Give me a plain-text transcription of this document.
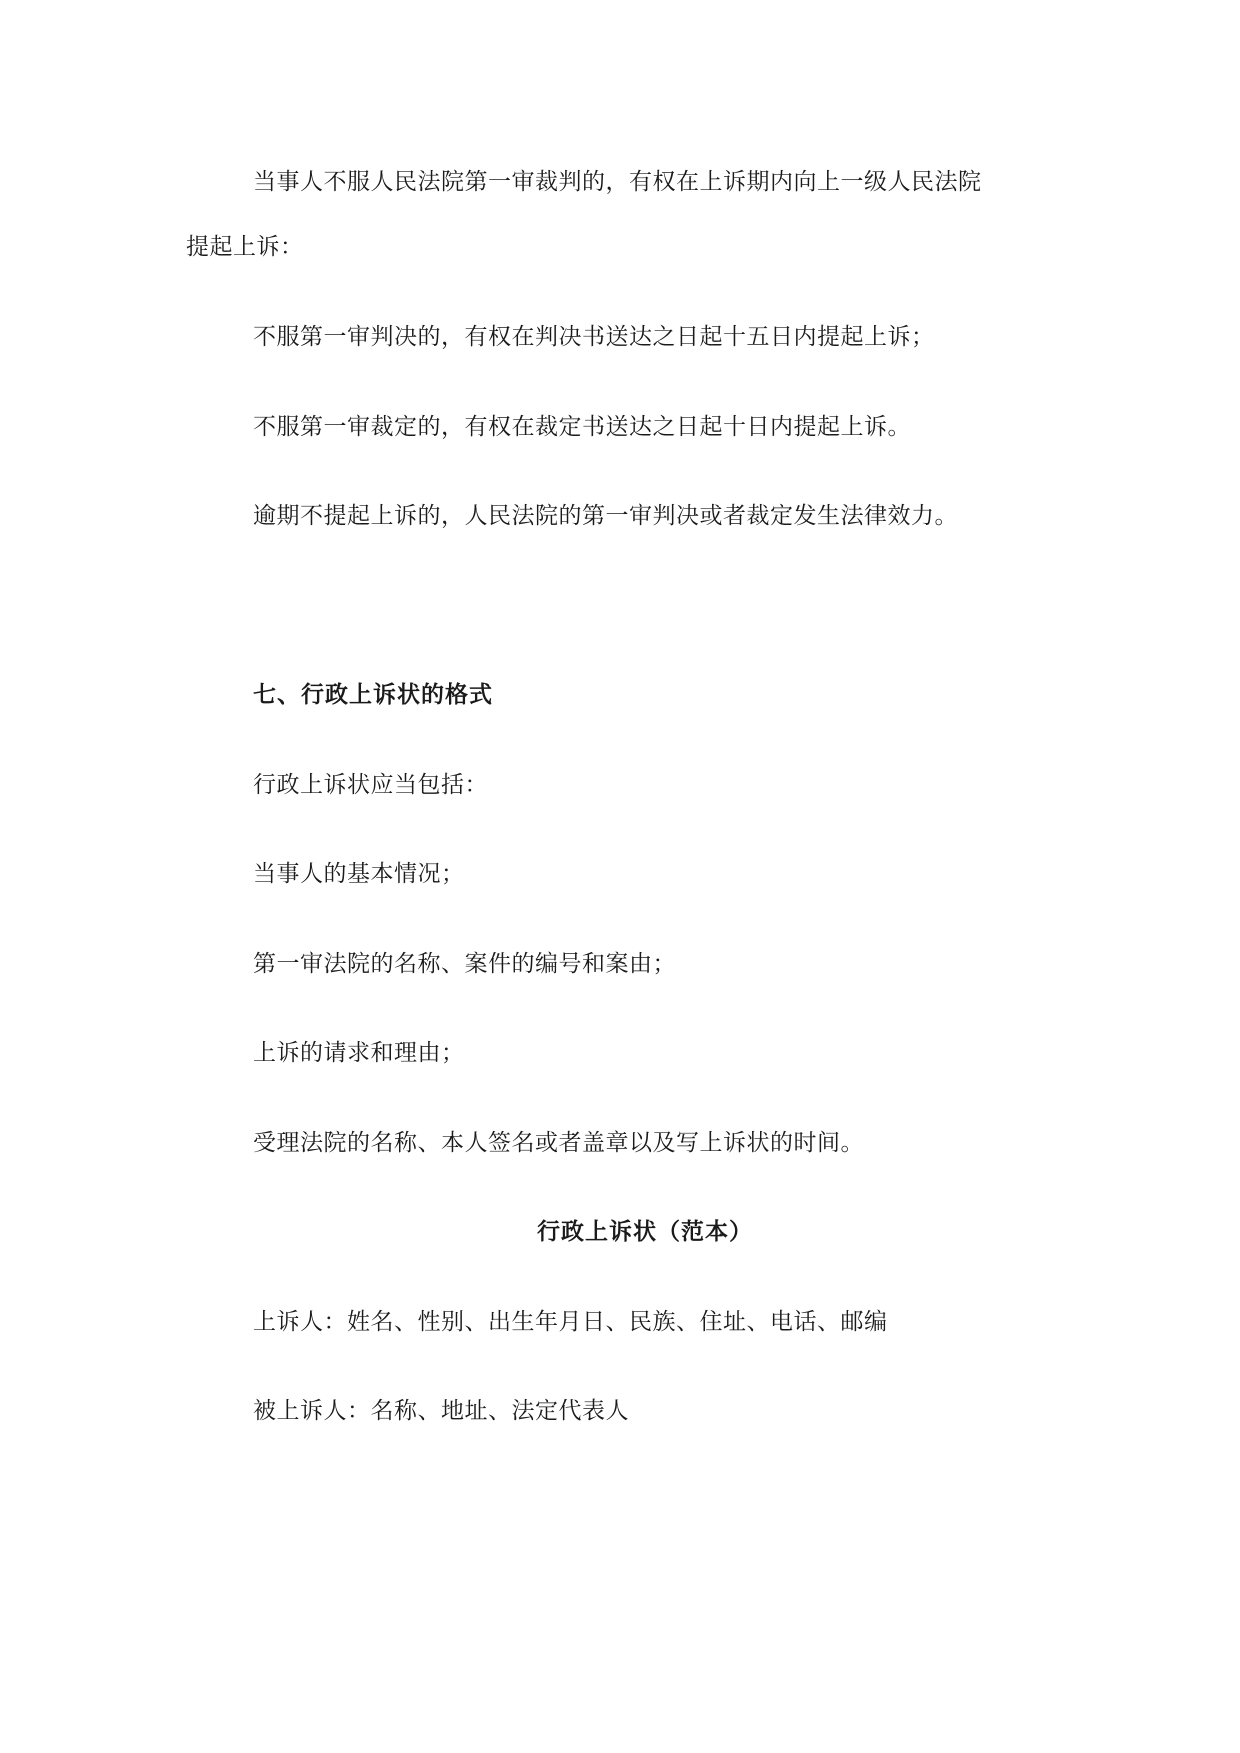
当事人不服人民法院第一审裁判的，有权在上诉期内向上一级人民法院
提起上诉：
不服第一审判决的，有权在判决书送达之日起十五日内提起上诉；
不服第一审裁定的，有权在裁定书送达之日起十日内提起上诉。
逾期不提起上诉的，人民法院的第一审判决或者裁定发生法律效力。
七、行政上诉状的格式
行政上诉状应当包括：
当事人的基本情况；
第一审法院的名称、案件的编号和案由；
上诉的请求和理由；
受理法院的名称、本人签名或者盖章以及写上诉状的时间。
行政上诉状（范本）
上诉人：姓名、性别、出生年月日、民族、住址、电话、邮编
被上诉人：名称、地址、法定代表人
